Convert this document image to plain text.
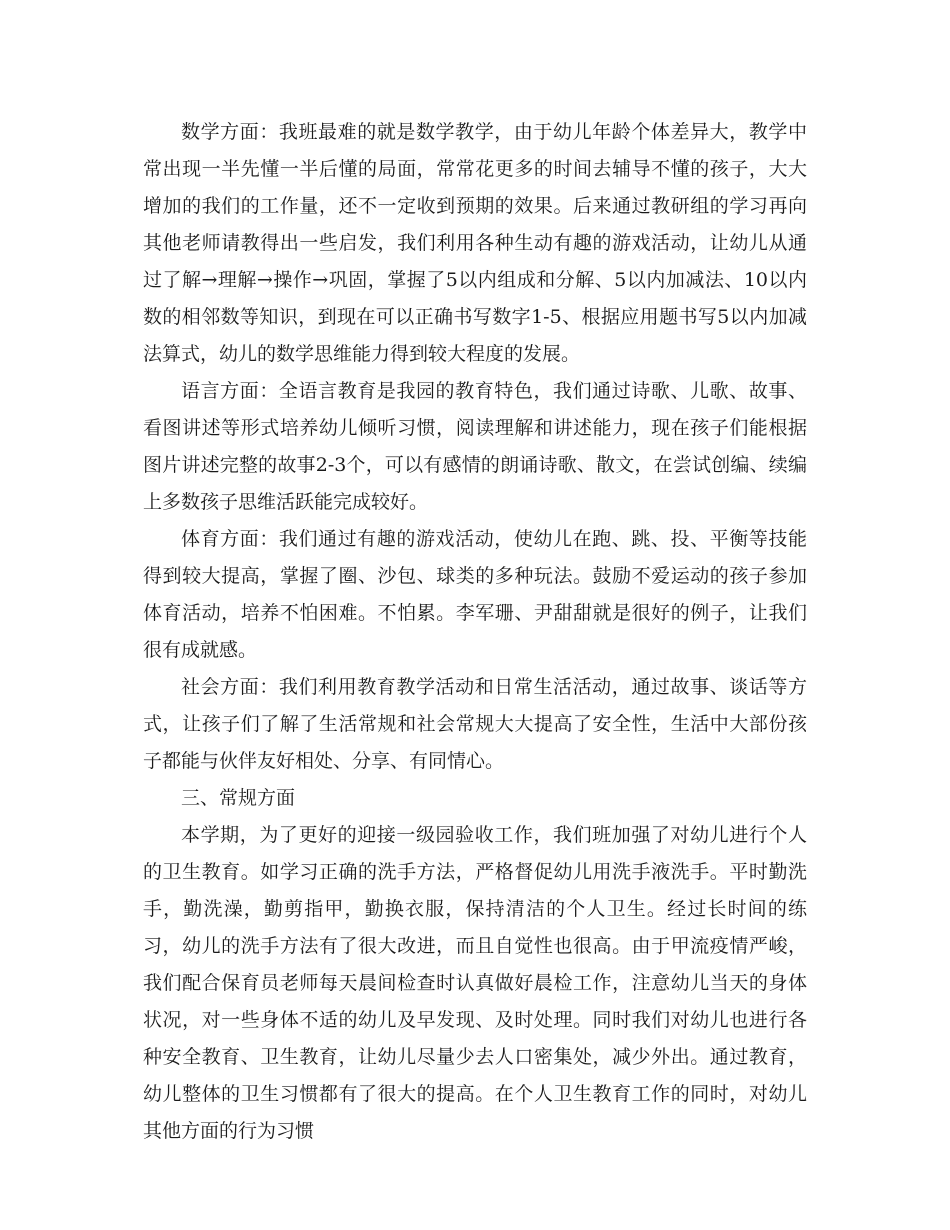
数学方面：我班最难的就是数学教学，由于幼儿年龄个体差异大，教学中常出现一半先懂一半后懂的局面，常常花更多的时间去辅导不懂的孩子，大大增加的我们的工作量，还不一定收到预期的效果。后来通过教研组的学习再向其他老师请教得出一些启发，我们利用各种生动有趣的游戏活动，让幼儿从通过了解→理解→操作→巩固，掌握了5以内组成和分解、5以内加减法、10以内数的相邻数等知识，到现在可以正确书写数字1-5、根据应用题书写5以内加减法算式，幼儿的数学思维能力得到较大程度的发展。

语言方面：全语言教育是我园的教育特色，我们通过诗歌、儿歌、故事、看图讲述等形式培养幼儿倾听习惯，阅读理解和讲述能力，现在孩子们能根据图片讲述完整的故事2-3个，可以有感情的朗诵诗歌、散文，在尝试创编、续编上多数孩子思维活跃能完成较好。

体育方面：我们通过有趣的游戏活动，使幼儿在跑、跳、投、平衡等技能得到较大提高，掌握了圈、沙包、球类的多种玩法。鼓励不爱运动的孩子参加体育活动，培养不怕困难。不怕累。李军珊、尹甜甜就是很好的例子，让我们很有成就感。

社会方面：我们利用教育教学活动和日常生活活动，通过故事、谈话等方式，让孩子们了解了生活常规和社会常规大大提高了安全性，生活中大部份孩子都能与伙伴友好相处、分享、有同情心。

三、常规方面

本学期，为了更好的迎接一级园验收工作，我们班加强了对幼儿进行个人的卫生教育。如学习正确的洗手方法，严格督促幼儿用洗手液洗手。平时勤洗手，勤洗澡，勤剪指甲，勤换衣服，保持清洁的个人卫生。经过长时间的练习，幼儿的洗手方法有了很大改进，而且自觉性也很高。由于甲流疫情严峻，我们配合保育员老师每天晨间检查时认真做好晨检工作，注意幼儿当天的身体状况，对一些身体不适的幼儿及早发现、及时处理。同时我们对幼儿也进行各种安全教育、卫生教育，让幼儿尽量少去人口密集处，减少外出。通过教育，幼儿整体的卫生习惯都有了很大的提高。在个人卫生教育工作的同时，对幼儿其他方面的行为习惯
